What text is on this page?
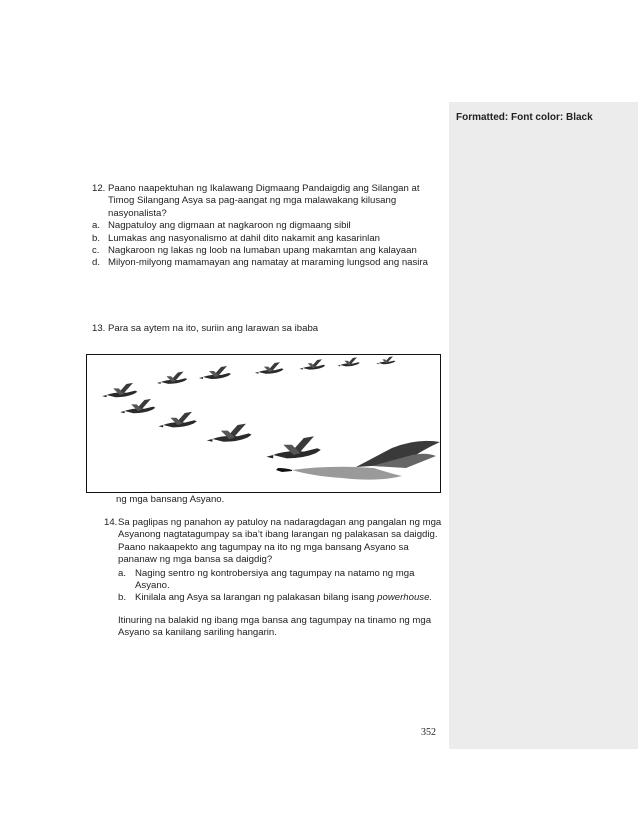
Formatted: Font color: Black
12. Paano naapektuhan ng Ikalawang Digmaang Pandaigdig ang Silangan at Timog Silangang Asya sa pag-aangat ng mga malawakang kilusang nasyonalista?
a. Nagpatuloy ang digmaan at nagkaroon ng digmaang sibil
b. Lumakas ang nasyonalismo at dahil dito nakamit ang kasarinlan
c. Nagkaroon ng lakas ng loob na lumaban upang makamtan ang kalayaan
d. Milyon-milyong mamamayan ang namatay at maraming lungsod ang nasira
13. Para sa aytem na ito, suriin ang larawan sa ibaba
ng mga bansang Asyano.
14. Sa paglipas ng panahon ay patuloy na nadaragdagan ang pangalan ng mga Asyanong nagtatagumpay sa iba’t ibang larangan ng palakasan sa daigdig. Paano nakaapekto ang tagumpay na ito ng mga bansang Asyano sa pananaw ng mga bansa sa daigdig?
a. Naging sentro ng kontrobersiya ang tagumpay na natamo ng mga Asyano.
b. Kinilala ang Asya sa larangan ng palakasan bilang isang powerhouse.
Itinuring na balakid ng ibang mga bansa ang tagumpay na tinamo ng mga Asyano sa kanilang sariling hangarin.
352
